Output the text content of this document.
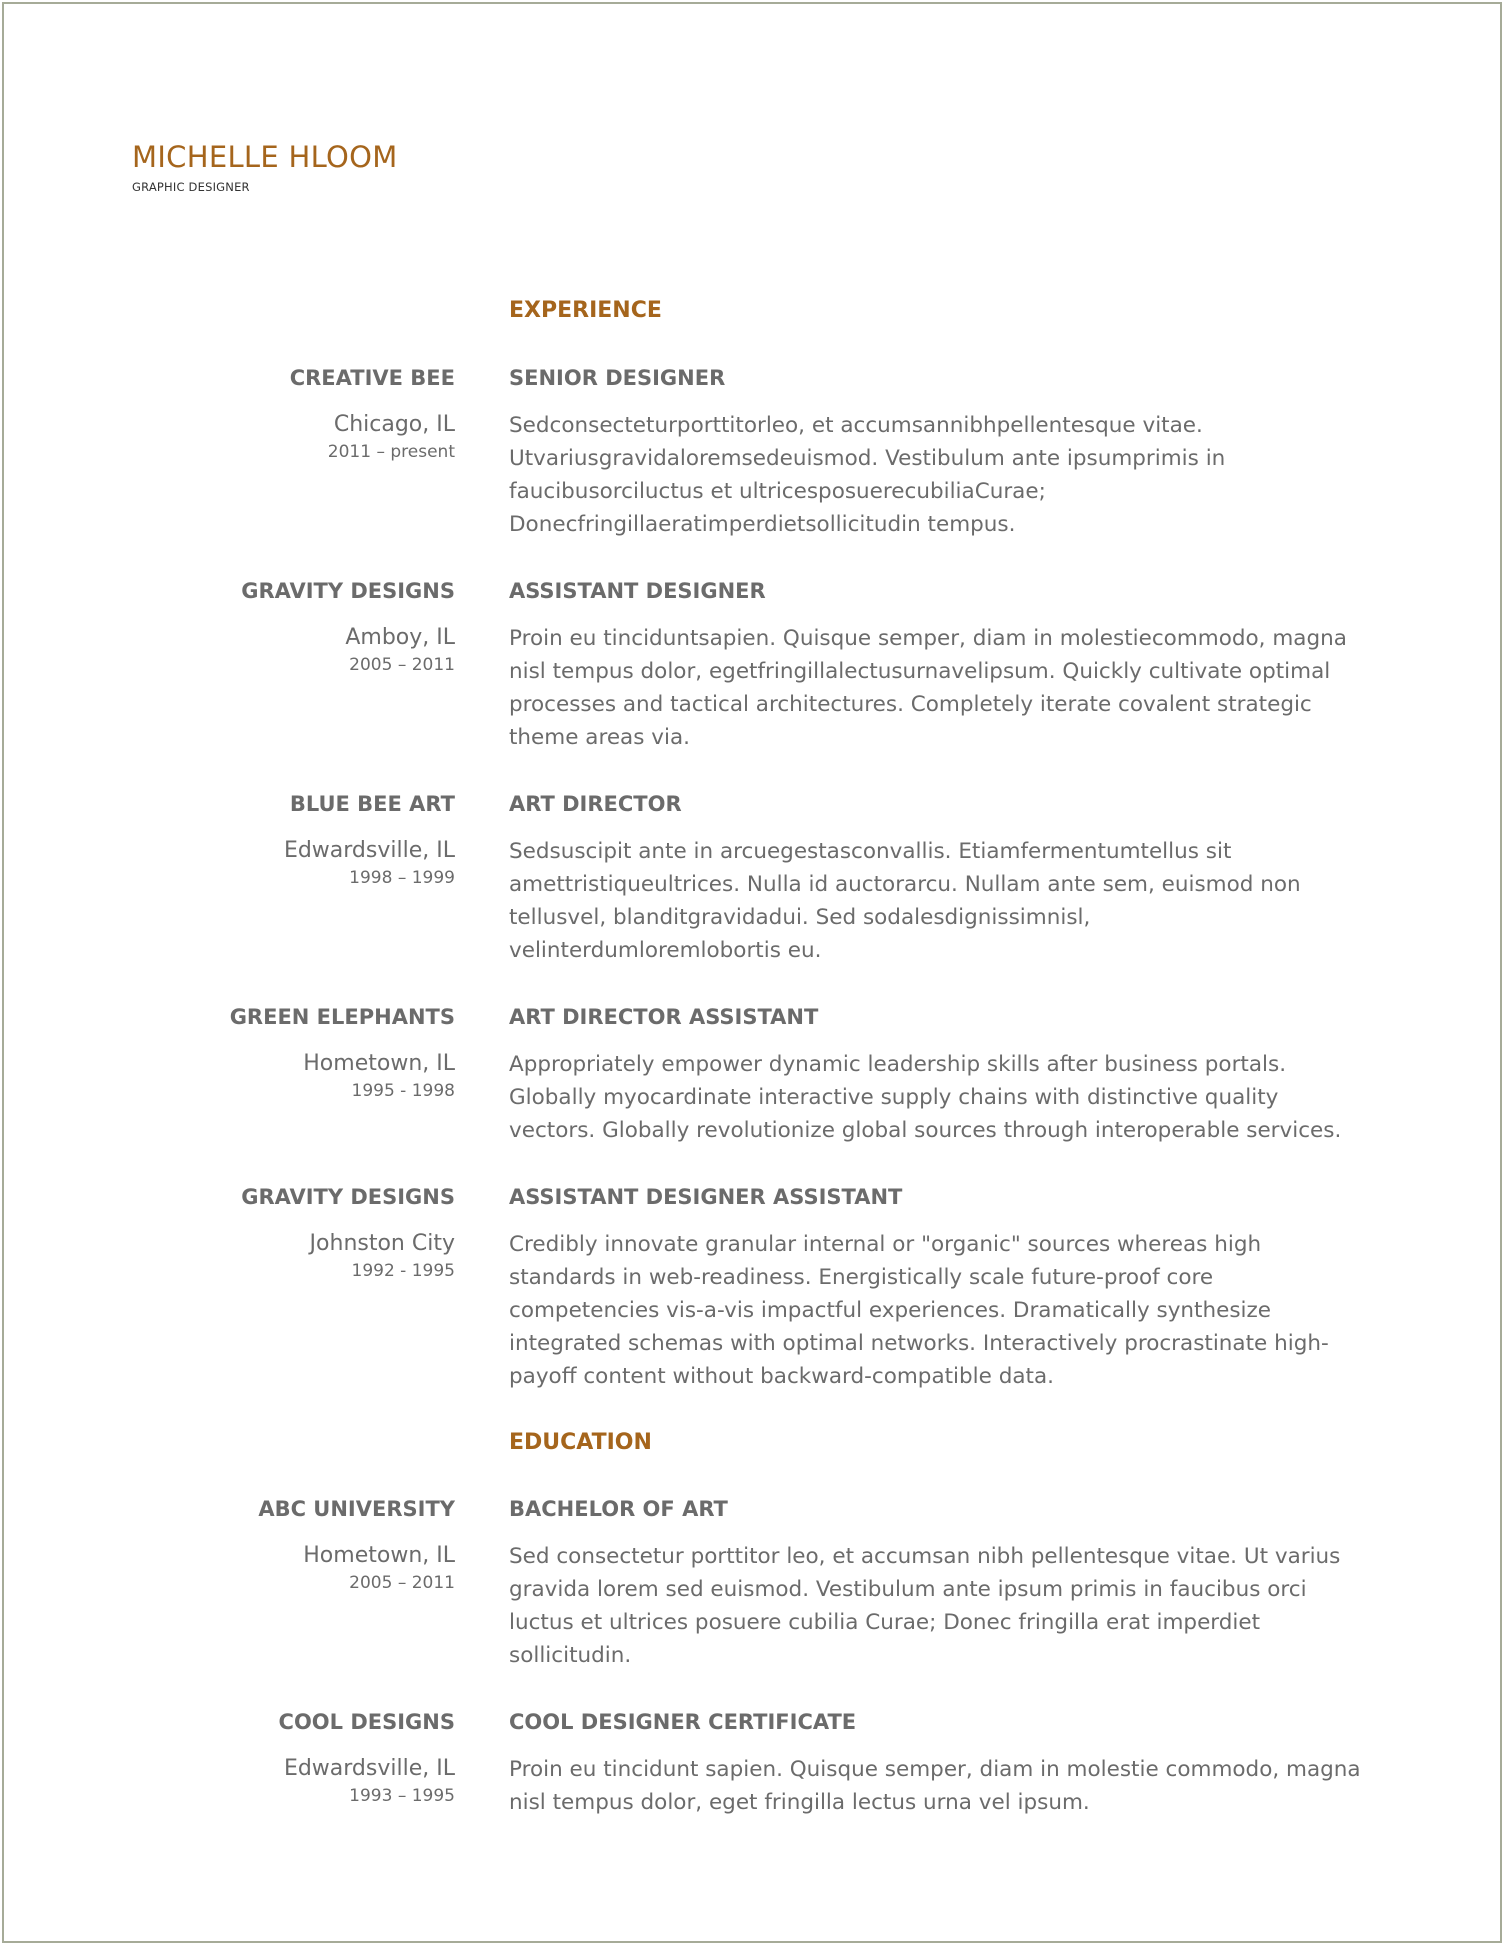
MICHELLE HLOOM
GRAPHIC DESIGNER
EXPERIENCE
CREATIVE BEE
Chicago, IL
2011 – present
SENIOR DESIGNER
Sedconsecteturporttitorleo, et accumsannibhpellentesque vitae. Utvariusgravidaloremsedeuismod. Vestibulum ante ipsumprimis in faucibusorciluctus et ultricesposuerecubiliaCurae; Donecfringillaeratimperdietsollicitudin tempus.
GRAVITY DESIGNS
Amboy, IL
2005 – 2011
ASSISTANT DESIGNER
Proin eu tinciduntsapien. Quisque semper, diam in molestiecommodo, magna nisl tempus dolor, egetfringillalectusurnavelipsum. Quickly cultivate optimal processes and tactical architectures. Completely iterate covalent strategic theme areas via.
BLUE BEE ART
Edwardsville, IL
1998 – 1999
ART DIRECTOR
Sedsuscipit ante in arcuegestasconvallis. Etiamfermentumtellus sit amettristiqueultrices. Nulla id auctorarcu. Nullam ante sem, euismod non tellusvel, blanditgravidadui. Sed sodalesdignissimnisl, velinterdumloremlobortis eu.
GREEN ELEPHANTS
Hometown, IL
1995 - 1998
ART DIRECTOR ASSISTANT
Appropriately empower dynamic leadership skills after business portals. Globally myocardinate interactive supply chains with distinctive quality vectors. Globally revolutionize global sources through interoperable services.
GRAVITY DESIGNS
Johnston City
1992 - 1995
ASSISTANT DESIGNER ASSISTANT
Credibly innovate granular internal or "organic" sources whereas high standards in web-readiness. Energistically scale future-proof core competencies vis-a-vis impactful experiences. Dramatically synthesize integrated schemas with optimal networks. Interactively procrastinate high-payoff content without backward-compatible data.
EDUCATION
ABC UNIVERSITY
Hometown, IL
2005 – 2011
BACHELOR OF ART
Sed consectetur porttitor leo, et accumsan nibh pellentesque vitae. Ut varius gravida lorem sed euismod. Vestibulum ante ipsum primis in faucibus orci luctus et ultrices posuere cubilia Curae; Donec fringilla erat imperdiet sollicitudin.
COOL DESIGNS
Edwardsville, IL
1993 – 1995
COOL DESIGNER CERTIFICATE
Proin eu tincidunt sapien. Quisque semper, diam in molestie commodo, magna nisl tempus dolor, eget fringilla lectus urna vel ipsum.
